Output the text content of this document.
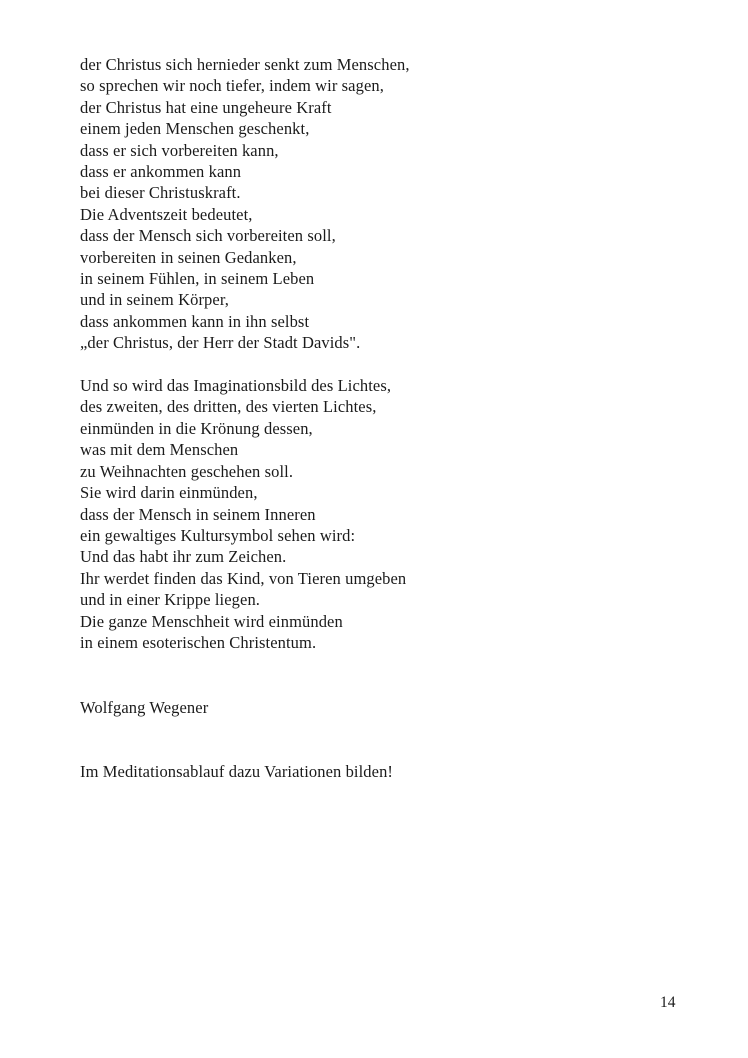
der Christus sich hernieder senkt zum Menschen,
so sprechen wir noch tiefer, indem wir sagen,
der Christus hat eine ungeheure Kraft
einem jeden Menschen geschenkt,
dass er sich vorbereiten kann,
dass er ankommen kann
bei dieser Christuskraft.
Die Adventszeit bedeutet,
dass der Mensch sich vorbereiten soll,
vorbereiten in seinen Gedanken,
in seinem Fühlen, in seinem Leben
und in seinem Körper,
dass ankommen kann in ihn selbst
„der Christus, der Herr der Stadt Davids".
Und so wird das Imaginationsbild des Lichtes,
des zweiten, des dritten, des vierten Lichtes,
einmünden in die Krönung dessen,
was mit dem Menschen
zu Weihnachten geschehen soll.
Sie wird darin einmünden,
dass der Mensch in seinem Inneren
ein gewaltiges Kultursymbol sehen wird:
Und das habt ihr zum Zeichen.
Ihr werdet finden das Kind, von Tieren umgeben
und in einer Krippe liegen.
Die ganze Menschheit wird einmünden
in einem esoterischen Christentum.
Wolfgang Wegener
Im Meditationsablauf dazu Variationen bilden!
14
